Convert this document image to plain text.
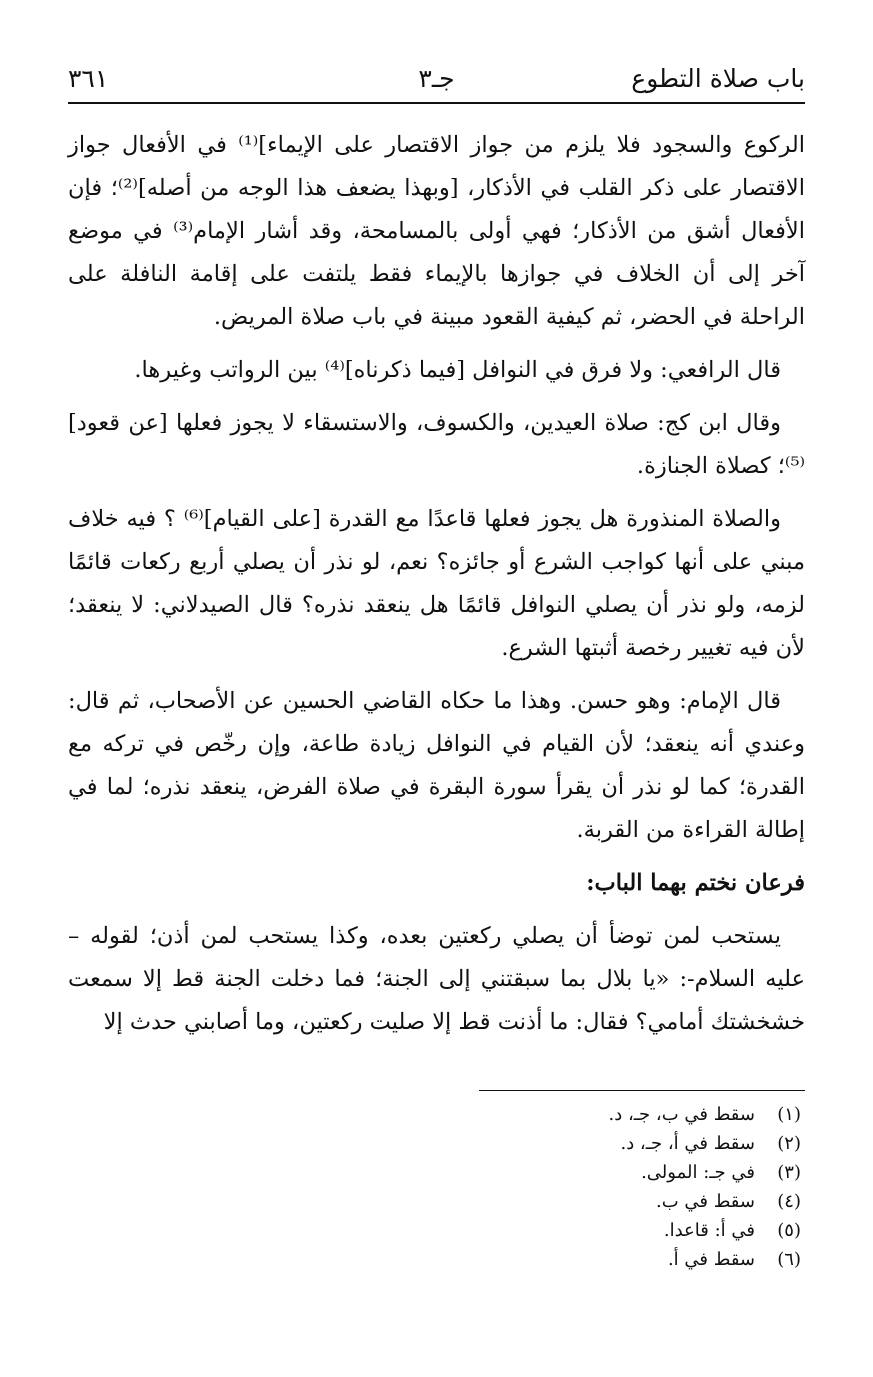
باب صلاة التطوع
جـ٣
٣٦١

الركوع والسجود فلا يلزم من جواز الاقتصار على الإيماء]⁽¹⁾ في الأفعال جواز الاقتصار على ذكر القلب في الأذكار، [وبهذا يضعف هذا الوجه من أصله]⁽²⁾؛ فإن الأفعال أشق من الأذكار؛ فهي أولى بالمسامحة، وقد أشار الإمام⁽³⁾ في موضع آخر إلى أن الخلاف في جوازها بالإيماء فقط يلتفت على إقامة النافلة على الراحلة في الحضر، ثم كيفية القعود مبينة في باب صلاة المريض.

قال الرافعي: ولا فرق في النوافل [فيما ذكرناه]⁽⁴⁾ بين الرواتب وغيرها.

وقال ابن كج: صلاة العيدين، والكسوف، والاستسقاء لا يجوز فعلها [عن قعود]⁽⁵⁾؛ كصلاة الجنازة.

والصلاة المنذورة هل يجوز فعلها قاعدًا مع القدرة [على القيام]⁽⁶⁾ ؟ فيه خلاف مبني على أنها كواجب الشرع أو جائزه؟ نعم، لو نذر أن يصلي أربع ركعات قائمًا لزمه، ولو نذر أن يصلي النوافل قائمًا هل ينعقد نذره؟ قال الصيدلاني: لا ينعقد؛ لأن فيه تغيير رخصة أثبتها الشرع.

قال الإمام: وهو حسن. وهذا ما حكاه القاضي الحسين عن الأصحاب، ثم قال: وعندي أنه ينعقد؛ لأن القيام في النوافل زيادة طاعة، وإن رخّص في تركه مع القدرة؛ كما لو نذر أن يقرأ سورة البقرة في صلاة الفرض، ينعقد نذره؛ لما في إطالة القراءة من القربة.

فرعان نختم بهما الباب:

يستحب لمن توضأ أن يصلي ركعتين بعده، وكذا يستحب لمن أذن؛ لقوله – عليه السلام-: «يا بلال بما سبقتني إلى الجنة؛ فما دخلت الجنة قط إلا سمعت خشخشتك أمامي؟ فقال: ما أذنت قط إلا صليت ركعتين، وما أصابني حدث إلا

(١)سقط في ب، جـ، د.
(٢)سقط في أ، جـ، د.
(٣)في جـ: المولى.
(٤)سقط في ب.
(٥)في أ: قاعدا.
(٦)سقط في أ.
